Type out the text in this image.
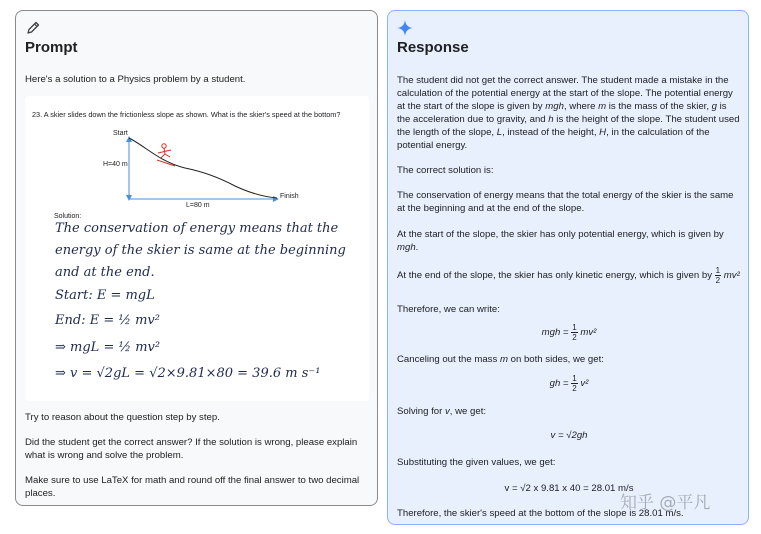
Prompt
Here's a solution to a Physics problem by a student.
23. A skier slides down the frictionless slope as shown. What is the skier's speed at the bottom?
Start
H=40 m
L=80 m
Finish
Solution:
The conservation of energy means that the
energy of the skier is same at the beginning
and at the end.
Start: E = mgL
End: E = ½ mv²
⇒ mgL = ½ mv²
⇒ v = √2gL = √2×9.81×80 = 39.6 m s⁻¹
Try to reason about the question step by step.
Did the student get the correct answer? If the solution is wrong, please explain what is wrong and solve the problem.
Make sure to use LaTeX for math and round off the final answer to two decimal places.
Response
The student did not get the correct answer. The student made a mistake in the calculation of the potential energy at the start of the slope. The potential energy at the start of the slope is given by mgh, where m is the mass of the skier, g is the acceleration due to gravity, and h is the height of the slope. The student used the length of the slope, L, instead of the height, H, in the calculation of the potential energy.
The correct solution is:
The conservation of energy means that the total energy of the skier is the same at the beginning and at the end of the slope.
At the start of the slope, the skier has only potential energy, which is given by mgh.
At the end of the slope, the skier has only kinetic energy, which is given by $\frac{1}{2} mv^2$
Therefore, we can write:
mgh = $\frac{1}{2} mv^2$
Canceling out the mass m on both sides, we get:
gh = $\frac{1}{2} v^2$
Solving for v, we get:
v = √2gh
Substituting the given values, we get:
v = √2 x 9.81 x 40 = 28.01 m/s
Therefore, the skier's speed at the bottom of the slope is 28.01 m/s.
知乎 @平凡
